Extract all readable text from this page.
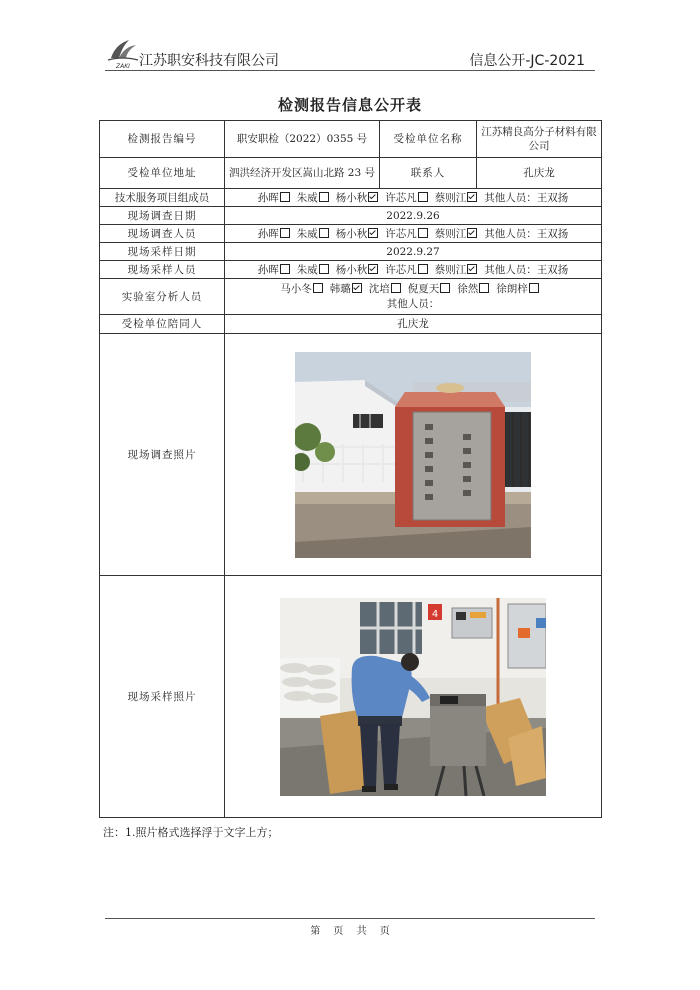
ZAKI 江苏职安科技有限公司	信息公开-JC-2021
检测报告信息公开表
检测报告编号	职安职检（2022）0355 号	受检单位名称	江苏精良高分子材料有限公司
受检单位地址	泗洪经济开发区嵩山北路 23 号	联系人	孔庆龙
技术服务项目组成员	孙晖 朱威 杨小秋 许芯凡 蔡则江 其他人员：王双扬		
现场调查日期	2022.9.26		
现场调查人员	孙晖 朱威 杨小秋 许芯凡 蔡则江 其他人员：王双扬		
现场采样日期	2022.9.27		
现场采样人员	孙晖 朱威 杨小秋 许芯凡 蔡则江 其他人员：王双扬		
实验室分析人员	马小冬 韩璐 沈培 倪夏天 徐然 徐朗梓
其他人员：		
受检单位陪同人	孔庆龙		
现场调查照片	

现场采样照片	4		
注：1.照片格式选择浮于文字上方；
第 页 共 页
